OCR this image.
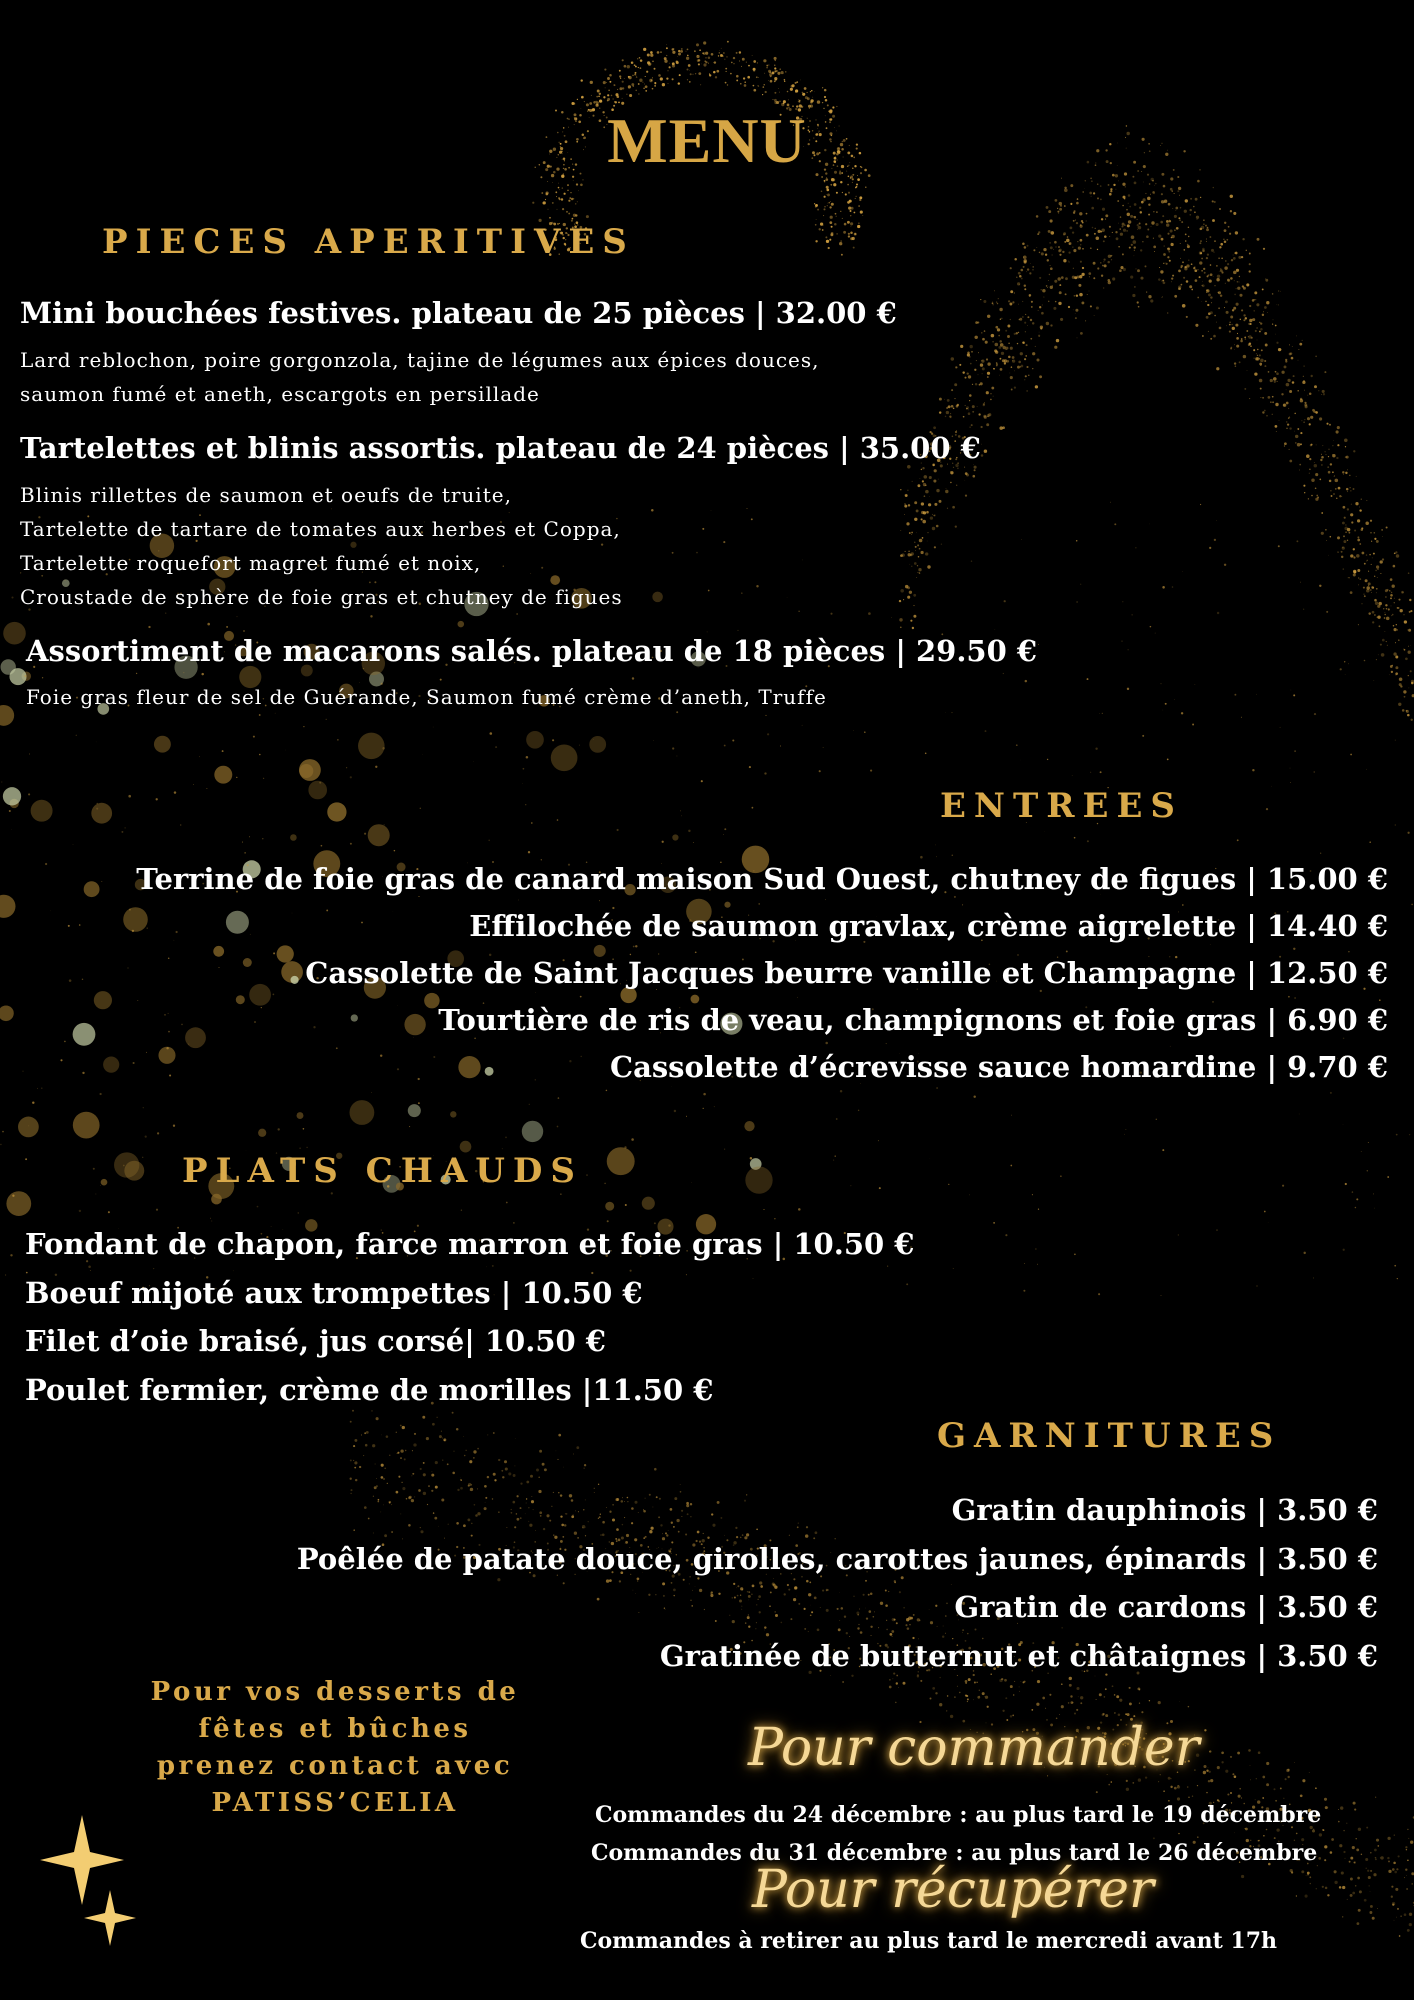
MENU
PIECES APERITIVES
Mini bouchées festives. plateau de 25 pièces | 32.00 €
Lard reblochon, poire gorgonzola, tajine de légumes aux épices douces,
saumon fumé et aneth, escargots en persillade
Tartelettes et blinis assortis. plateau de 24 pièces | 35.00 €
Blinis rillettes de saumon et oeufs de truite,
Tartelette de tartare de tomates aux herbes et Coppa,
Tartelette roquefort magret fumé et noix,
Croustade de sphère de foie gras et chutney de figues
Assortiment de macarons salés. plateau de 18 pièces | 29.50 €
Foie gras fleur de sel de Guérande, Saumon fumé crème d’aneth, Truffe
ENTREES
Terrine de foie gras de canard maison Sud Ouest, chutney de figues | 15.00 €
Effilochée de saumon gravlax, crème aigrelette | 14.40 €
Cassolette de Saint Jacques beurre vanille et Champagne | 12.50 €
Tourtière de ris de veau, champignons et foie gras | 6.90 €
Cassolette d’écrevisse sauce homardine | 9.70 €
PLATS CHAUDS
Fondant de chapon, farce marron et foie gras | 10.50 €
Boeuf mijoté aux trompettes | 10.50 €
Filet d’oie braisé, jus corsé| 10.50 €
Poulet fermier, crème de morilles |11.50 €
GARNITURES
Gratin dauphinois | 3.50 €
Poêlée de patate douce, girolles, carottes jaunes, épinards | 3.50 €
Gratin de cardons | 3.50 €
Gratinée de butternut et châtaignes | 3.50 €
Pour vos desserts de
fêtes et bûches
prenez contact avec
PATISS’CELIA
Pour commander
Commandes du 24 décembre : au plus tard le 19 décembre
Commandes du 31 décembre : au plus tard le 26 décembre
Pour récupérer
Commandes à retirer au plus tard le mercredi avant 17h
